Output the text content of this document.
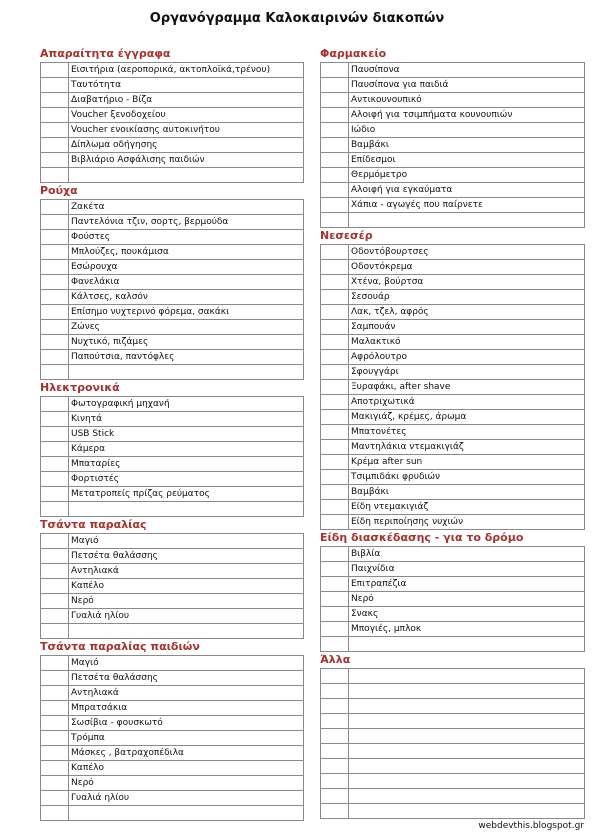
Οργανόγραμμα Καλοκαιρινών διακοπών
Απαραίτητα έγγραφα
	Εισιτήρια (αεροπορικά, ακτοπλοϊκά,τρένου)
	Ταυτότητα
	Διαβατήριο - Βίζα
	Voucher ξενοδοχείου
	Voucher ενοικίασης αυτοκινήτου
	Δίπλωμα οδήγησης
	Βιβλιάριο Ασφάλισης παιδιών

Ρούχα
	Ζακέτα
	Παντελόνια τζιν, σορτς, βερμούδα
	Φούστες
	Μπλούζες, πουκάμισα
	Εσώρουχα
	Φανελάκια
	Κάλτσες, καλσόν
	Επίσημο νυχτερινό φόρεμα, σακάκι
	Ζώνες
	Νυχτικό, πιζάμες
	Παπούτσια, παντόφλες

Ηλεκτρονικά
	Φωτογραφική μηχανή
	Κινητά
	USB Stick
	Κάμερα
	Μπαταρίες
	Φορτιστές
	Μετατροπείς πρίζας ρεύματος

Τσάντα παραλίας
	Μαγιό
	Πετσέτα θαλάσσης
	Αντηλιακά
	Καπέλο
	Νερό
	Γυαλιά ηλίου

Τσάντα παραλίας παιδιών
	Μαγιό
	Πετσέτα θαλάσσης
	Αντηλιακά
	Μπρατσάκια
	Σωσίβια - φουσκωτό
	Τρόμπα
	Μάσκες , βατραχοπέδιλα
	Καπέλο
	Νερό
	Γυαλιά ηλίου

Φαρμακείο
	Παυσίπονα
	Παυσίπονα για παιδιά
	Αντικουνουπικό
	Αλοιφή για τσιμπήματα κουνουπιών
	Ιώδιο
	Βαμβάκι
	Επίδεσμοι
	Θερμόμετρο
	Αλοιφή για εγκαύματα
	Χάπια - αγωγές που παίρνετε

Νεσεσέρ
	Οδοντόβουρτσες
	Οδοντόκρεμα
	Χτένα, βούρτσα
	Σεσουάρ
	Λακ, τζελ, αφρός
	Σαμπουάν
	Μαλακτικό
	Αφρόλουτρο
	Σφουγγάρι
	Ξυραφάκι, after shave
	Αποτριχωτικά
	Μακιγιάζ, κρέμες, άρωμα
	Μπατονέτες
	Μαντηλάκια ντεμακιγιάζ
	Κρέμα after sun
	Τσιμπιδάκι φρυδιών
	Βαμβάκι
	Είδη ντεμακιγιάζ
	Είδη περιποίησης νυχιών
Είδη διασκέδασης - για το δρόμο
	Βιβλία
	Παιχνίδια
	Επιτραπέζια
	Νερό
	Σνακς
	Μπογιές, μπλοκ

Άλλα

webdevthis.blogspot.gr
